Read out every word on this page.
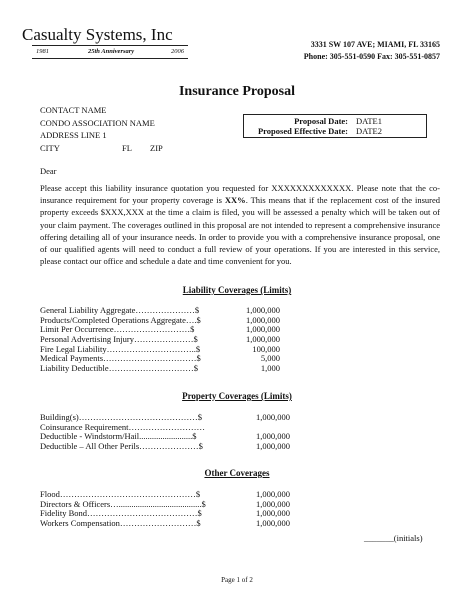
Casualty Systems, Inc
1981	25th Anniversary	2006
3331 SW 107 AVE; MIAMI, FL 33165
Phone: 305-551-0590 Fax: 305-551-0857
Insurance Proposal
CONTACT NAME
CONDO ASSOCIATION NAME
ADDRESS LINE 1
CITY	FL ZIP
Proposal Date: DATE1
Proposed Effective Date: DATE2
Dear
Please accept this liability insurance quotation you requested for XXXXXXXXXXXXX. Please note that the co-insurance requirement for your property coverage is XX%. This means that if the replacement cost of the insured property exceeds $XXX,XXX at the time a claim is filed, you will be assessed a penalty which will be taken out of your claim payment. The coverages outlined in this proposal are not intended to represent a comprehensive insurance offering detailing all of your insurance needs. In order to provide you with a comprehensive insurance proposal, one of our qualified agents will need to conduct a full review of your operations. If you are interested in this service, please contact our office and schedule a date and time convenient for you.
Liability Coverages (Limits)
General Liability Aggregate…………………$	1,000,000
Products/Completed Operations Aggregate….$	1,000,000
Limit Per Occurrence………………………$	1,000,000
Personal Advertising Injury…………………$	1,000,000
Fire Legal Liability…………………………..$	100,000
Medical Payments……………………………$	5,000
Liability Deductible…………………………$	1,000
Property Coverages (Limits)
Building(s)……………………………………$	1,000,000
Coinsurance Requirement………………………
Deductible - Windstorm/Hail.........................$	1,000,000
Deductible – All Other Perils…………………$	1,000,000
Other Coverages
Flood…………………………………………$	1,000,000
Directors & Officers….......................................$	1,000,000
Fidelity Bond…………………………………$	1,000,000
Workers Compensation………………………$	1,000,000
_______(initials)
Page 1 of 2
